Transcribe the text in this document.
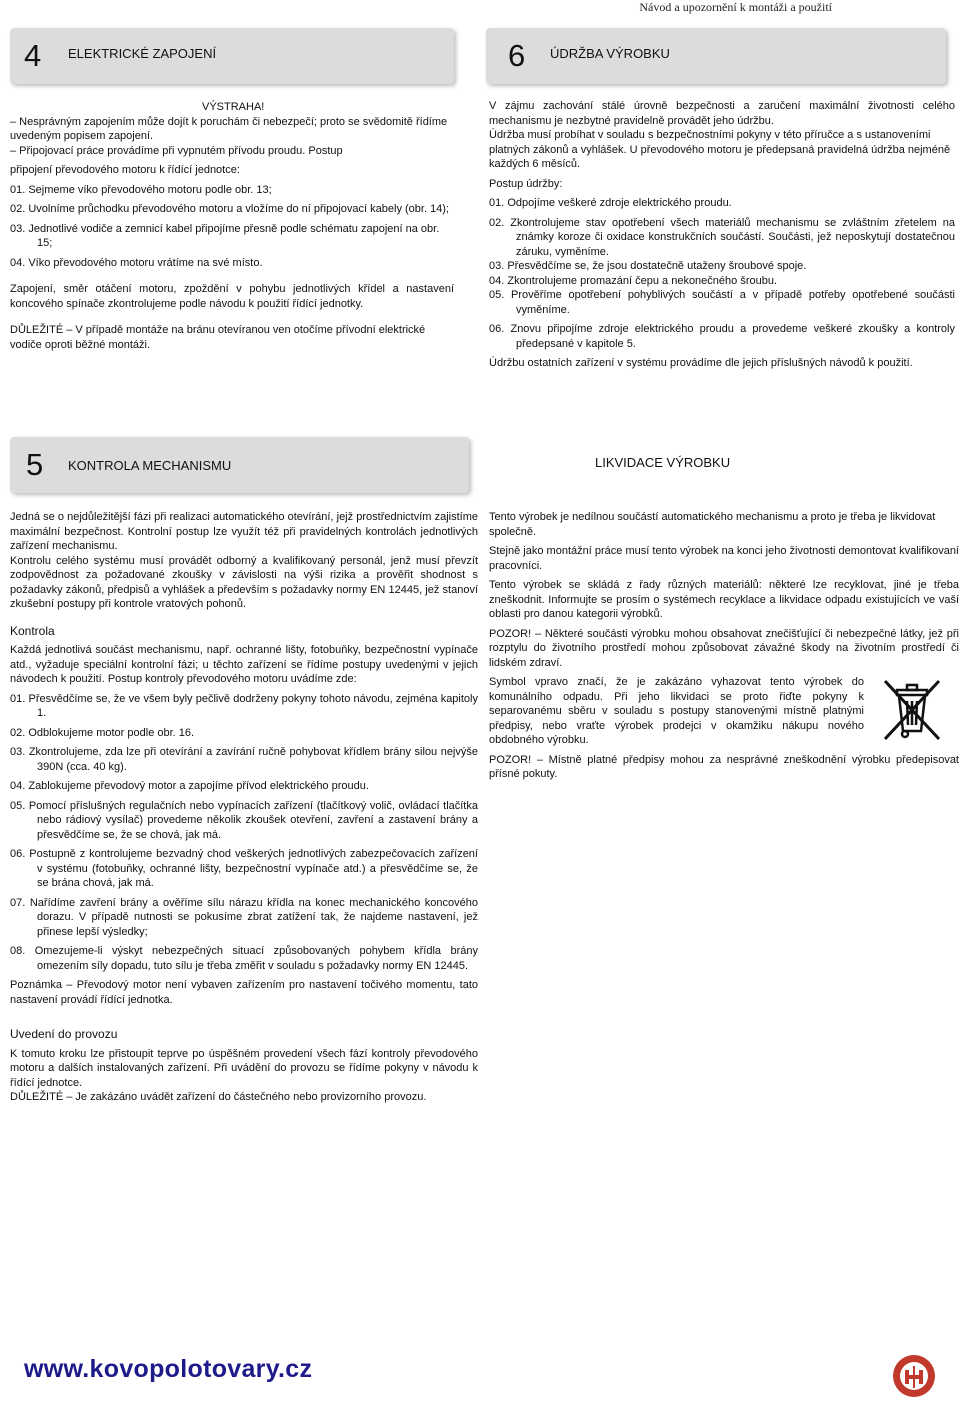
Návod a upozornění k montáži a použití
4 ELEKTRICKÉ ZAPOJENÍ

VÝSTRAHA!

– Nesprávným zapojením může dojít k poruchám či nebezpečí; proto se svědomitě řídíme uvedeným popisem zapojení.

– Připojovací práce provádíme při vypnutém přívodu proudu. Postup

připojení převodového motoru k řídící jednotce:

01. Sejmeme víko převodového motoru podle obr. 13;

02. Uvolníme průchodku převodového motoru a vložíme do ní připojovací kabely (obr. 14);

03. Jednotlivé vodiče a zemnicí kabel připojíme přesně podle schématu zapojení na obr. 15;

04. Víko převodového motoru vrátíme na své místo.

Zapojení, směr otáčení motoru, zpoždění v pohybu jednotlivých křídel a nastavení koncového spínače zkontrolujeme podle návodu k použití řídící jednotky.

DŮLEŽITÉ – V případě montáže na bránu otevíranou ven otočíme přívodní elektrické vodiče oproti běžné montáži.

6 ÚDRŽBA VÝROBKU

V zájmu zachování stálé úrovně bezpečnosti a zaručení maximální životnosti celého mechanismu je nezbytné pravidelně provádět jeho údržbu.

Údržba musí probíhat v souladu s bezpečnostními pokyny v této příručce a s ustanoveními platných zákonů a vyhlášek. U převodového motoru je předepsaná pravidelná údržba nejméně každých 6 měsíců.

Postup údržby:

01. Odpojíme veškeré zdroje elektrického proudu.

02. Zkontrolujeme stav opotřebení všech materiálů mechanismu se zvláštním zřetelem na známky koroze či oxidace konstrukčních součástí. Součásti, jež neposkytují dostatečnou záruku, vyměníme.

03. Přesvědčíme se, že jsou dostatečně utaženy šroubové spoje.

04. Zkontrolujeme promazání čepu a nekonečného šroubu.

05. Prověříme opotřebení pohyblivých součástí a v případě potřeby opotřebené součásti vyměníme.

06. Znovu připojíme zdroje elektrického proudu a provedeme veškeré zkoušky a kontroly předepsané v kapitole 5.

Údržbu ostatních zařízení v systému provádíme dle jejich příslušných návodů k použití.

5 KONTROLA MECHANISMU

Jedná se o nejdůležitější fázi při realizaci automatického otevírání, jejž prostřednictvím zajistíme maximální bezpečnost. Kontrolní postup lze využít též při pravidelných kontrolách jednotlivých zařízení mechanismu.

Kontrolu celého systému musí provádět odborný a kvalifikovaný personál, jenž musí převzít zodpovědnost za požadované zkoušky v závislosti na výši rizika a prověřit shodnost s požadavky zákonů, předpisů a vyhlášek a především s požadavky normy EN 12445, jež stanoví zkušební postupy při kontrole vratových pohonů.

Kontrola

Každá jednotlivá součást mechanismu, např. ochranné lišty, fotobuňky, bezpečnostní vypínače atd., vyžaduje speciální kontrolní fázi; u těchto zařízení se řídíme postupy uvedenými v jejich návodech k použití. Postup kontroly převodového motoru uvádíme zde:

01. Přesvědčíme se, že ve všem byly pečlivě dodrženy pokyny tohoto návodu, zejména kapitoly 1.

02. Odblokujeme motor podle obr. 16.

03. Zkontrolujeme, zda lze při otevírání a zavírání ručně pohybovat křídlem brány silou nejvýše 390N (cca. 40 kg).

04. Zablokujeme převodový motor a zapojíme přívod elektrického proudu.

05. Pomocí příslušných regulačních nebo vypínacích zařízení (tlačítkový volič, ovládací tlačítka nebo rádiový vysílač) provedeme několik zkoušek otevření, zavření a zastavení brány a přesvědčíme se, že se chová, jak má.

06. Postupně z kontrolujeme bezvadný chod veškerých jednotlivých zabezpečovacích zařízení v systému (fotobuňky, ochranné lišty, bezpečnostní vypínače atd.) a přesvědčíme se, že se brána chová, jak má.

07. Nařídíme zavření brány a ověříme sílu nárazu křídla na konec mechanického koncového dorazu. V případě nutnosti se pokusíme zbrat zatížení tak, že najdeme nastavení, jež přinese lepší výsledky;

08. Omezujeme-li výskyt nebezpečných situací způsobovaných pohybem křídla brány omezením síly dopadu, tuto sílu je třeba změřit v souladu s požadavky normy EN 12445.

Poznámka – Převodový motor není vybaven zařízením pro nastavení točivého momentu, tato nastavení provádí řídící jednotka.

Uvedení do provozu

K tomuto kroku lze přistoupit teprve po úspěšném provedení všech fází kontroly převodového motoru a dalších instalovaných zařízení. Při uvádění do provozu se řídíme pokyny v návodu k řídící jednotce.

DŮLEŽITÉ – Je zakázáno uvádět zařízení do částečného nebo provizorního provozu.

LIKVIDACE VÝROBKU

Tento výrobek je nedílnou součástí automatického mechanismu a proto je třeba je likvidovat společně.

Stejně jako montážní práce musí tento výrobek na konci jeho životnosti demontovat kvalifikovaní pracovníci.

Tento výrobek se skládá z řady různých materiálů: některé lze recyklovat, jiné je třeba zneškodnit. Informujte se prosím o systémech recyklace a likvidace odpadu existujících ve vaší oblasti pro danou kategorii výrobků.

POZOR! – Některé součásti výrobku mohou obsahovat znečišťující či nebezpečné látky, jež při rozptylu do životního prostředí mohou způsobovat závažné škody na životním prostředí či lidském zdraví.

Symbol vpravo značí, že je zakázáno vyhazovat tento výrobek do komunálního odpadu. Při jeho likvidaci se proto řiďte pokyny k separovanému sběru v souladu s postupy stanovenými místně platnými předpisy, nebo vraťte výrobek prodejci v okamžiku nákupu nového obdobného výrobku.

POZOR! – Místně platné předpisy mohou za nesprávné zneškodnění výrobku předepisovat přísné pokuty.

www.kovopolotovary.cz
